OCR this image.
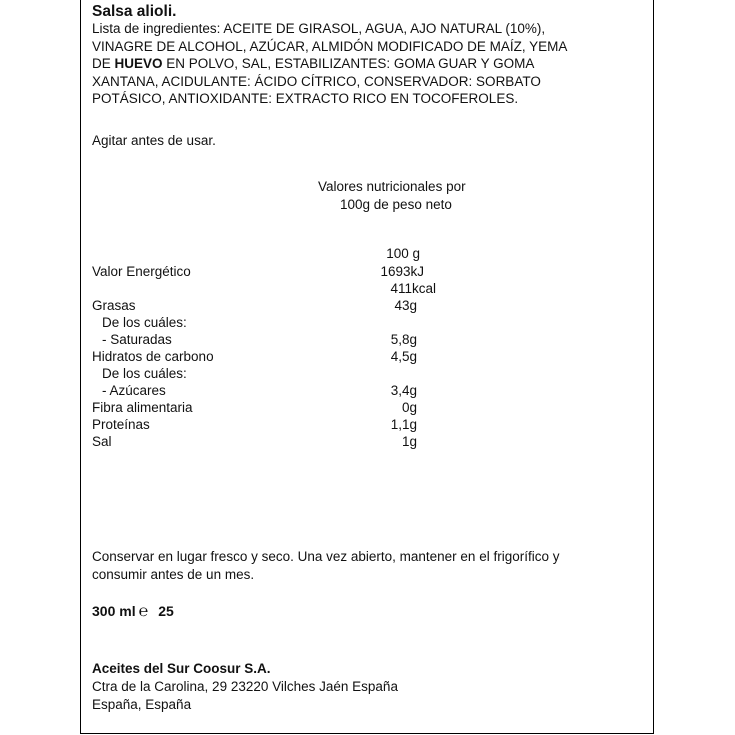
Salsa alioli.
Lista de ingredientes: ACEITE DE GIRASOL, AGUA, AJO NATURAL (10%),
VINAGRE DE ALCOHOL, AZÚCAR, ALMIDÓN MODIFICADO DE MAÍZ, YEMA
DE HUEVO EN POLVO, SAL, ESTABILIZANTES: GOMA GUAR Y GOMA
XANTANA, ACIDULANTE: ÁCIDO CÍTRICO, CONSERVADOR: SORBATO
POTÁSICO, ANTIOXIDANTE: EXTRACTO RICO EN TOCOFEROLES.
Agitar antes de usar.
Valores nutricionales por
100g de peso neto
100 g
Valor Energético	1693kJ
411kcal
Grasas	43g
De los cuáles:
- Saturadas	5,8g
Hidratos de carbono	4,5g
De los cuáles:
- Azúcares	3,4g
Fibra alimentaria	0g
Proteínas	1,1g
Sal	1g
Conservar en lugar fresco y seco. Una vez abierto, mantener en el frigorífico y
consumir antes de un mes.
300 ml ℮ 25
Aceites del Sur Coosur S.A.
Ctra de la Carolina, 29 23220 Vilches Jaén España
España, España
